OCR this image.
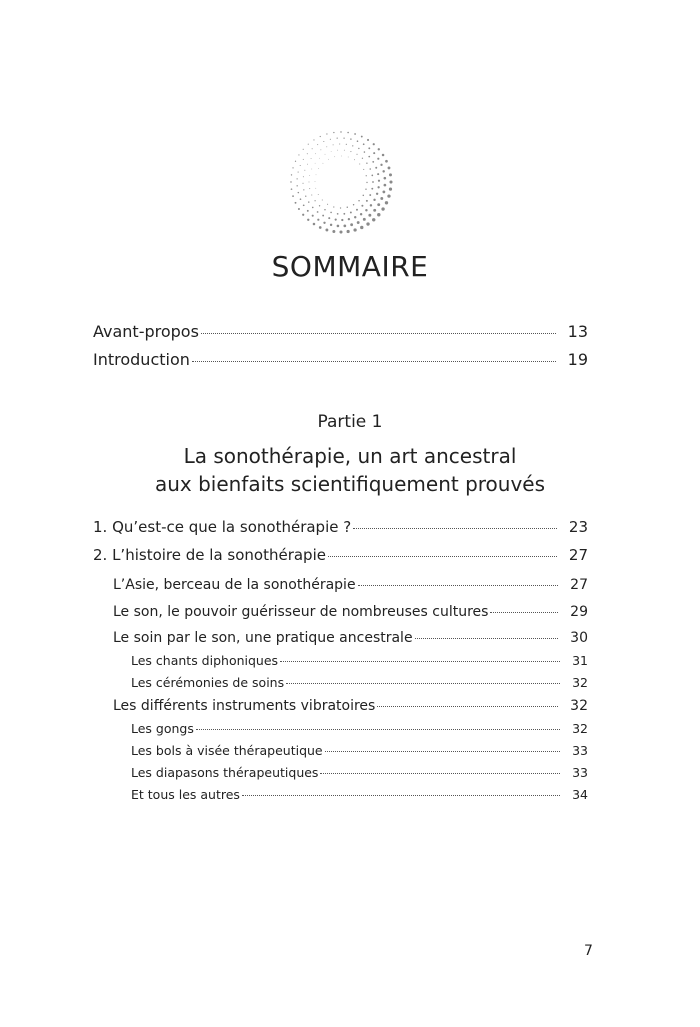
SOMMAIRE
Avant-propos	13
Introduction	19
Partie 1
La sonothérapie, un art ancestral
aux bienfaits scientifiquement prouvés
1. Qu’est-ce que la sonothérapie ?	23
2. L’histoire de la sonothérapie	27
L’Asie, berceau de la sonothérapie	27
Le son, le pouvoir guérisseur de nombreuses cultures	29
Le soin par le son, une pratique ancestrale	30
Les chants diphoniques	31
Les cérémonies de soins	32
Les différents instruments vibratoires	32
Les gongs	32
Les bols à visée thérapeutique	33
Les diapasons thérapeutiques	33
Et tous les autres	34
7
